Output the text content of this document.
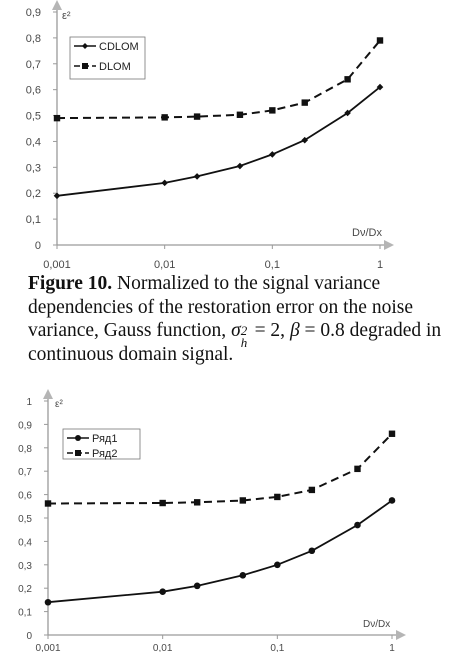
0
0,1
0,2
0,3
0,4
0,5
0,6
0,7
0,8
0,9
0,001	0,01	0,1	1
ε²
Dν/Dx
CDLOM
DLOM
Figure 10. Normalized to the signal variance dependencies of the restoration error on the noise variance, Gauss function, σ 2
h
= 2, β = 0.8 degraded in continuous domain signal.
0
0,1
0,2
0,3
0,4
0,5
0,6
0,7
0,8
0,9
1
0,001	0,01	0,1	1
ε²
Dν/Dx
Ряд1
Ряд2
